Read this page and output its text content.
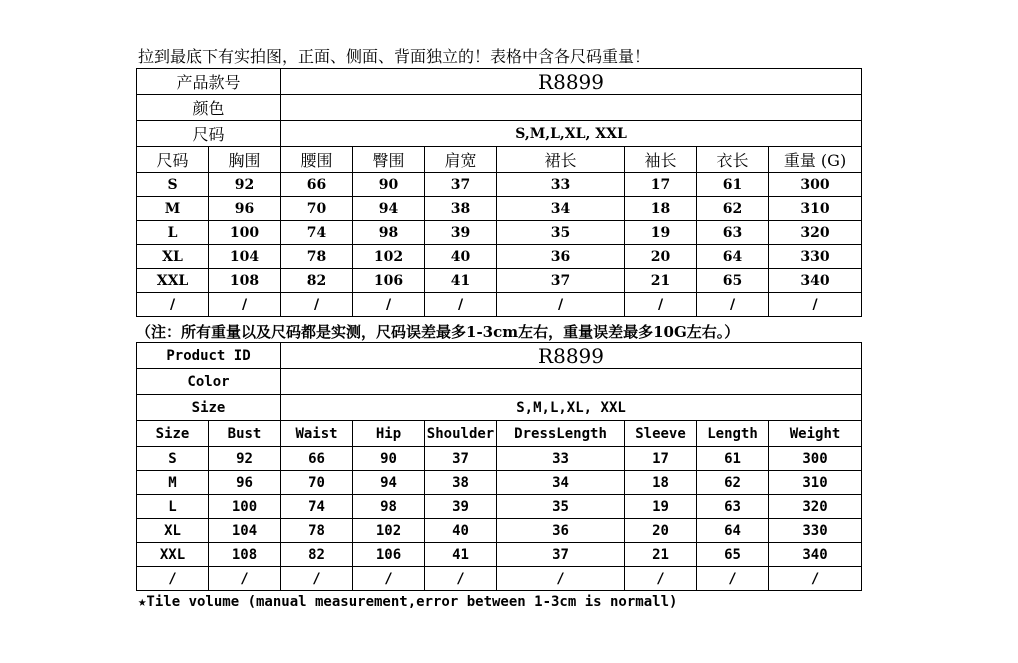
拉到最底下有实拍图，正面、侧面、背面独立的！表格中含各尺码重量！
产品款号		R8899						
颜色								
尺码		S,M,L,XL, XXL						
尺码	胸围	腰围	臀围	肩宽	裙长	袖长	衣长	重量 (G)
S	92	66	90	37	33	17	61	300
M	96	70	94	38	34	18	62	310
L	100	74	98	39	35	19	63	320
XL	104	78	102	40	36	20	64	330
XXL	108	82	106	41	37	21	65	340
/	/	/	/	/	/	/	/	/
（注：所有重量以及尺码都是实测，尺码误差最多1-3cm左右，重量误差最多10G左右。）
Product ID		R8899						
Color								
Size		S,M,L,XL, XXL						
Size	Bust	Waist	Hip	Shoulder	DressLength	Sleeve	Length	Weight
S	92	66	90	37	33	17	61	300
M	96	70	94	38	34	18	62	310
L	100	74	98	39	35	19	63	320
XL	104	78	102	40	36	20	64	330
XXL	108	82	106	41	37	21	65	340
/	/	/	/	/	/	/	/	/
★Tile volume (manual measurement,error between 1-3cm is normall)
